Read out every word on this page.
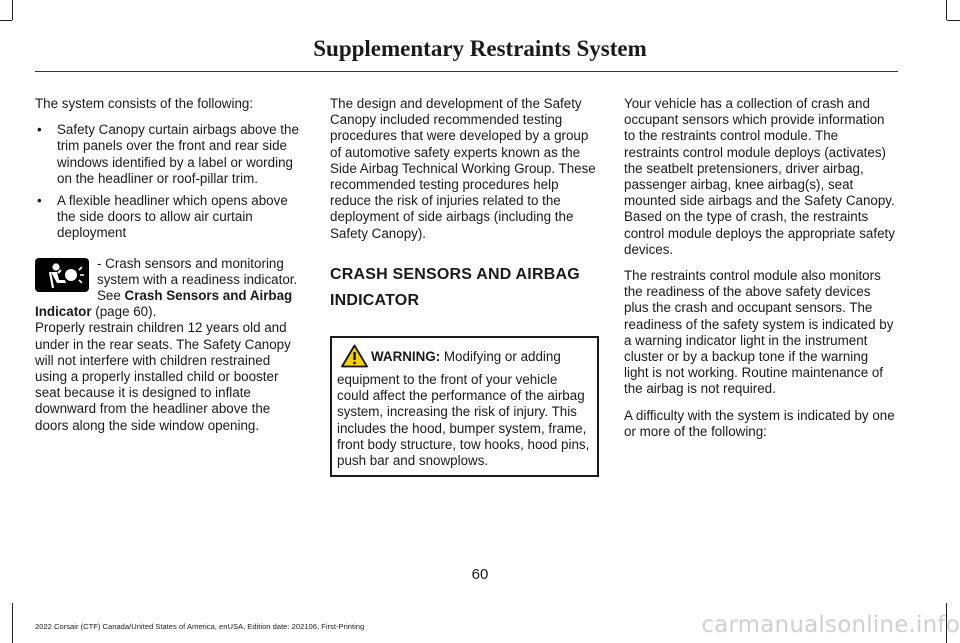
Supplementary Restraints System

The system consists of the following:

• Safety Canopy curtain airbags above the trim panels over the front and rear side windows identified by a label or wording on the headliner or roof-pillar trim.
• A flexible headliner which opens above the side doors to allow air curtain deployment
- Crash sensors and monitoring system with a readiness indicator. See Crash Sensors and Airbag Indicator (page 60).

Properly restrain children 12 years old and under in the rear seats. The Safety Canopy will not interfere with children restrained using a properly installed child or booster seat because it is designed to inflate downward from the headliner above the doors along the side window opening.

The design and development of the Safety Canopy included recommended testing procedures that were developed by a group of automotive safety experts known as the Side Airbag Technical Working Group. These recommended testing procedures help reduce the risk of injuries related to the deployment of side airbags (including the Safety Canopy).

CRASH SENSORS AND AIRBAG INDICATOR
WARNING: Modifying or adding equipment to the front of your vehicle could affect the performance of the airbag system, increasing the risk of injury. This includes the hood, bumper system, frame, front body structure, tow hooks, hood pins, push bar and snowplows.

Your vehicle has a collection of crash and occupant sensors which provide information to the restraints control module. The restraints control module deploys (activates) the seatbelt pretensioners, driver airbag, passenger airbag, knee airbag(s), seat mounted side airbags and the Safety Canopy. Based on the type of crash, the restraints control module deploys the appropriate safety devices.

The restraints control module also monitors the readiness of the above safety devices plus the crash and occupant sensors. The readiness of the safety system is indicated by a warning indicator light in the instrument cluster or by a backup tone if the warning light is not working. Routine maintenance of the airbag is not required.

A difficulty with the system is indicated by one or more of the following:

60
2022 Corsair (CTF) Canada/United States of America, enUSA, Edition date: 202106, First-Printing	carmanualsonline.info
